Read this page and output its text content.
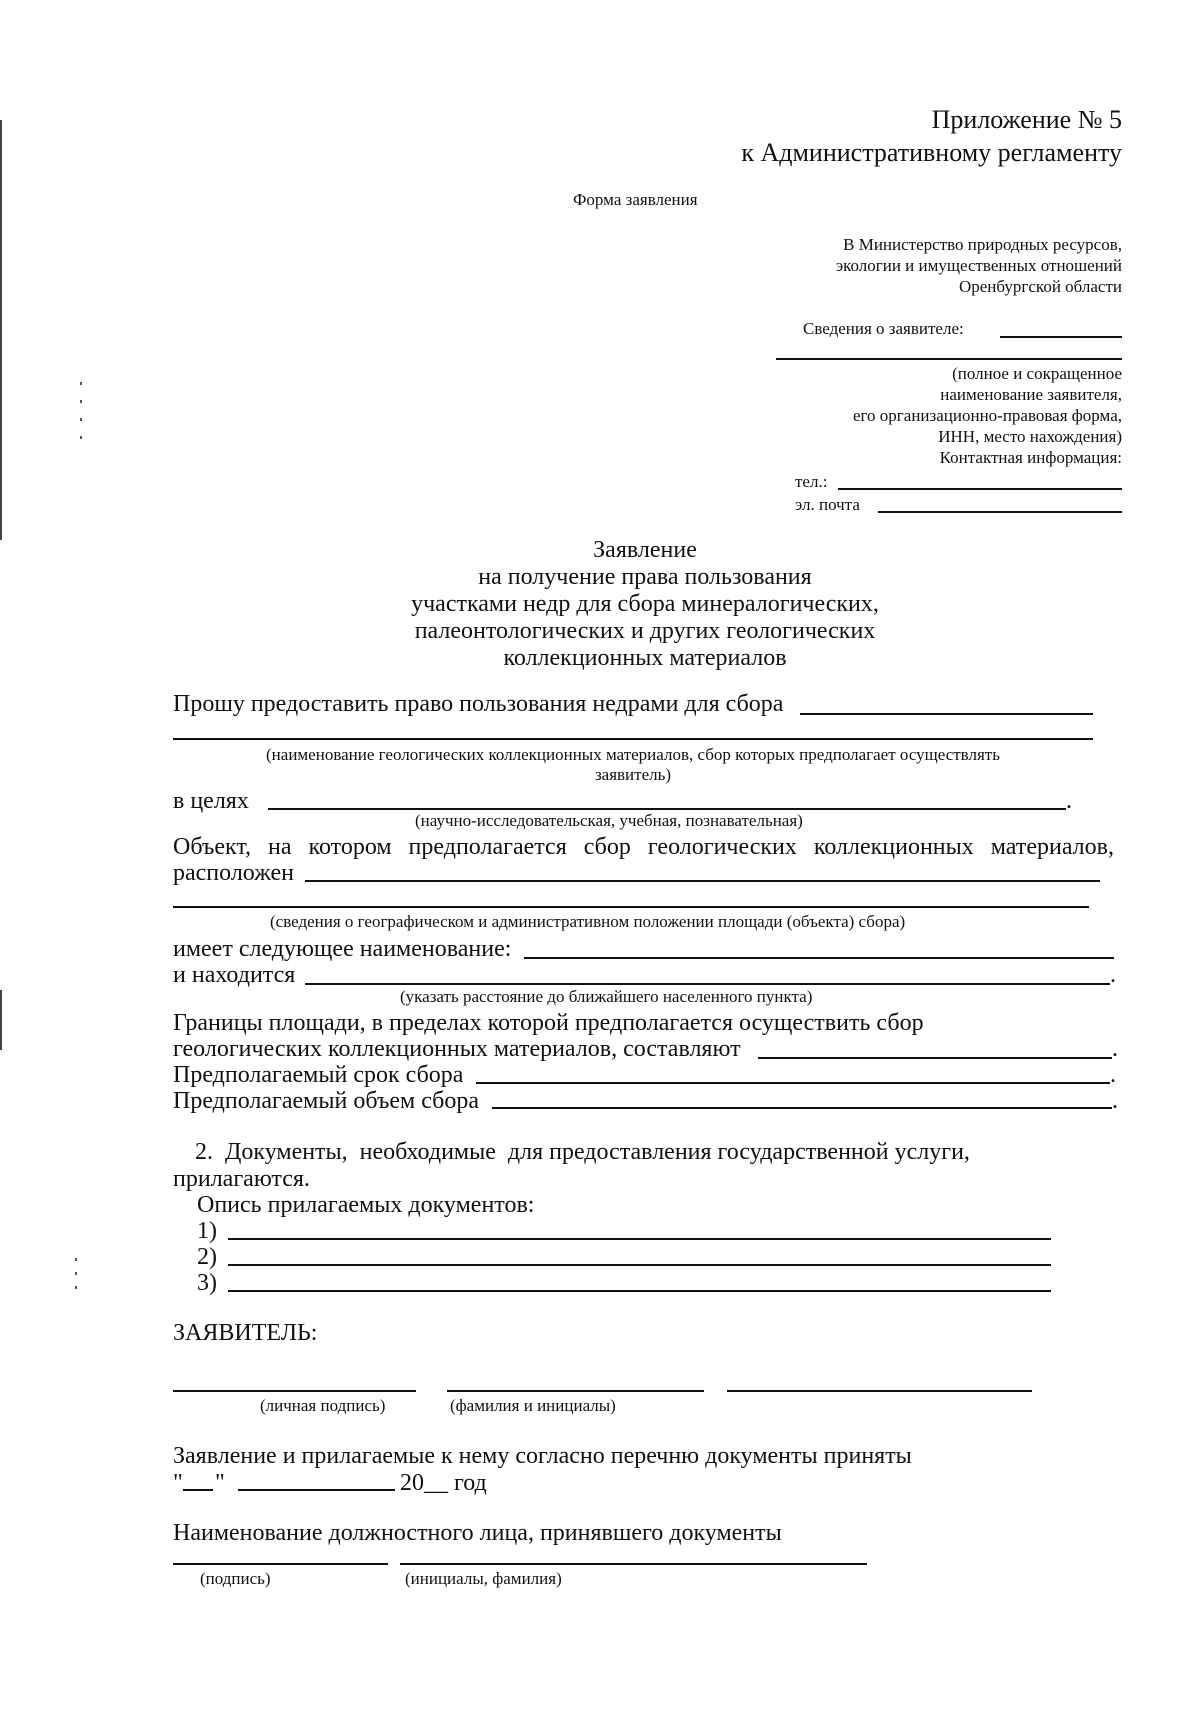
Приложение № 5
к Административному регламенту
Форма заявления
В Министерство природных ресурсов,
экологии и имущественных отношений
Оренбургской области
Сведения о заявителе:
(полное и сокращенное
наименование заявителя,
его организационно-правовая форма,
ИНН, место нахождения)
Контактная информация:
тел.:
эл. почта
Заявление
на получение права пользования
участками недр для сбора минералогических,
палеонтологических и других геологических
коллекционных материалов
Прошу предоставить право пользования недрами для сбора
(наименование геологических коллекционных материалов, сбор которых предполагает осуществлять
заявитель)
в целях	.
(научно-исследовательская, учебная, познавательная)
Объект, на котором предполагается сбор геологических коллекционных материалов,
расположен
(сведения о географическом и административном положении площади (объекта) сбора)
имеет следующее наименование:
и находится	.
(указать расстояние до ближайшего населенного пункта)
Границы площади, в пределах которой предполагается осуществить сбор
геологических коллекционных материалов, составляют	.
Предполагаемый срок сбора	.
Предполагаемый объем сбора	.
2.  Документы,  необходимые  для предоставления государственной услуги,
прилагаются.
Опись прилагаемых документов:
1)
2)
3)
ЗАЯВИТЕЛЬ:
(личная подпись)	(фамилия и инициалы)
Заявление и прилагаемые к нему согласно перечню документы приняты
" "	20__ год
Наименование должностного лица, принявшего документы
(подпись)	(инициалы, фамилия)
